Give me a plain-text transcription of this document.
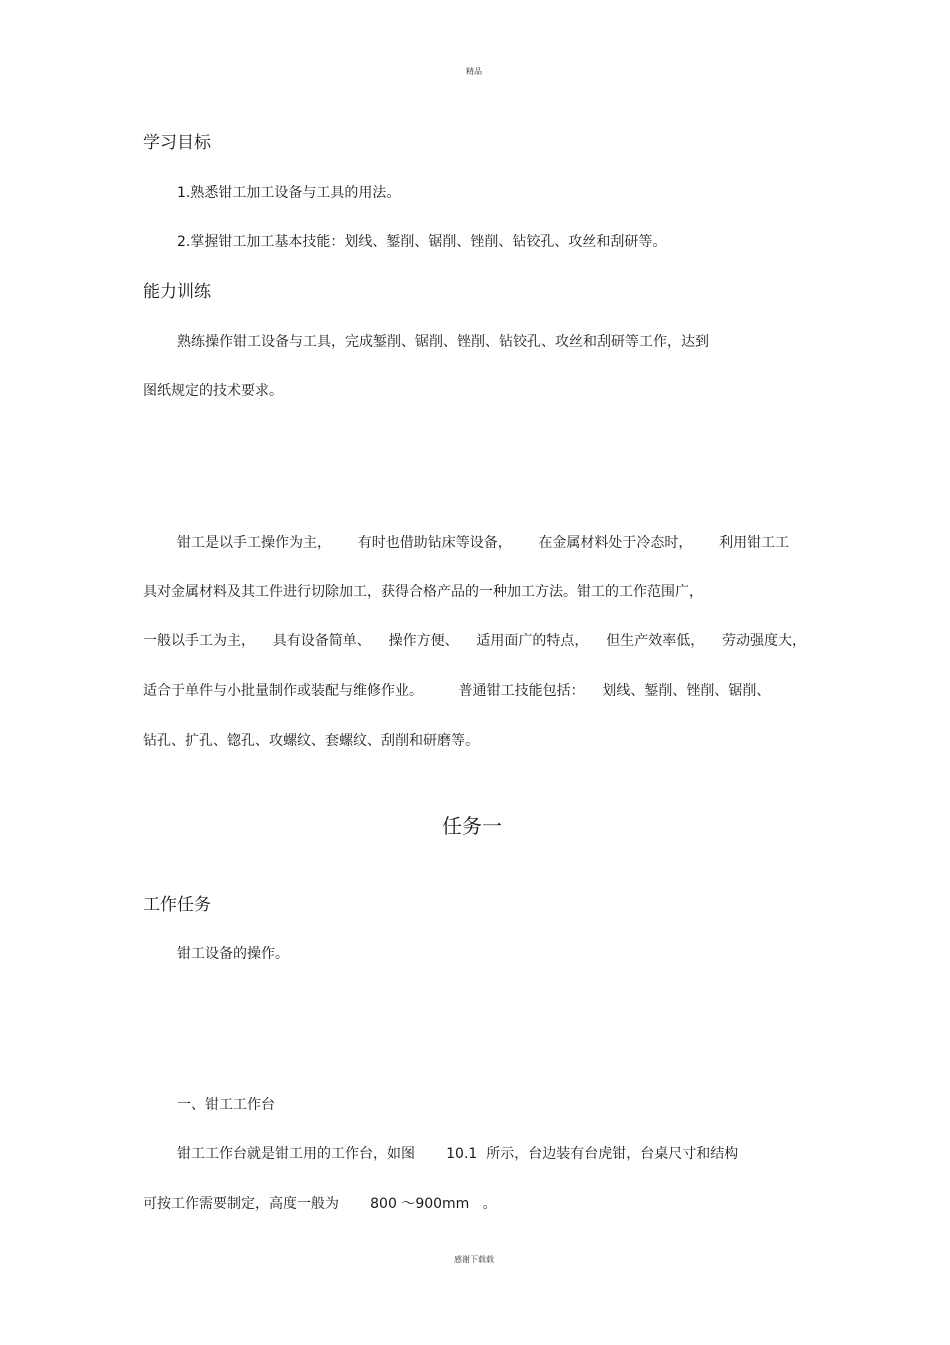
精品
学习目标
1.熟悉钳工加工设备与工具的用法。
2.掌握钳工加工基本技能：划线、錾削、锯削、锉削、钻铰孔、攻丝和刮研等。
能力训练
熟练操作钳工设备与工具，完成錾削、锯削、锉削、钻铰孔、攻丝和刮研等工作，达到
图纸规定的技术要求。
钳工是以手工操作为主，      有时也借助钻床等设备，      在金属材料处于冷态时，      利用钳工工
具对金属材料及其工件进行切除加工，获得合格产品的一种加工方法。钳工的工作范围广，
一般以手工为主，    具有设备简单、    操作方便、    适用面广的特点，    但生产效率低，    劳动强度大，
适合于单件与小批量制作或装配与维修作业。        普通钳工技能包括：    划线、錾削、锉削、锯削、
钻孔、扩孔、锪孔、攻螺纹、套螺纹、刮削和研磨等。
任务一
工作任务
钳工设备的操作。
一、钳工工作台
钳工工作台就是钳工用的工作台，如图       10.1  所示，台边装有台虎钳，台桌尺寸和结构
可按工作需要制定，高度一般为       800 ～900mm   。
感谢下载载
